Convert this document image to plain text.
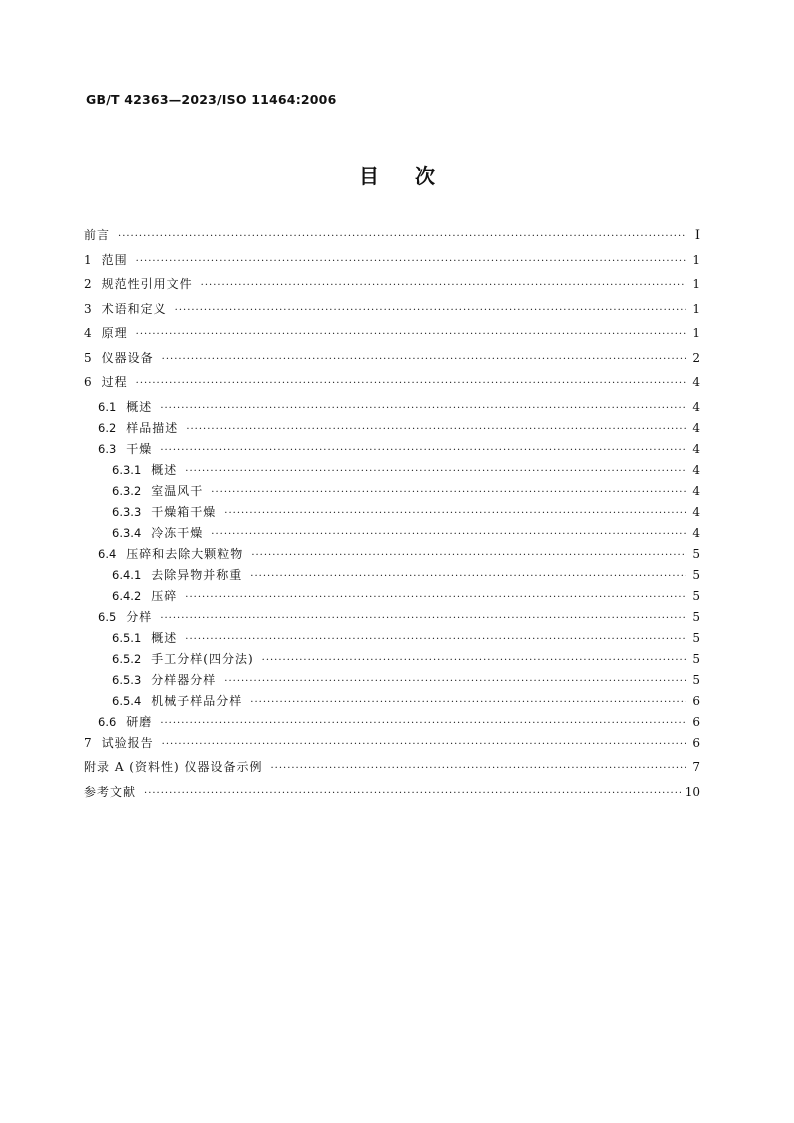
GB/T 42363—2023/ISO 11464:2006
目次
前言 ·····	I
1 范围 ·····	1
2 规范性引用文件 ·····	1
3 术语和定义 ·····	1
4 原理 ·····	1
5 仪器设备 ·····	2
6 过程 ·····	4
6.1 概述 ·····	4
6.2 样品描述 ·····	4
6.3 干燥 ·····	4
6.3.1 概述 ·····	4
6.3.2 室温风干 ·····	4
6.3.3 干燥箱干燥 ·····	4
6.3.4 冷冻干燥 ·····	4
6.4 压碎和去除大颗粒物 ·····	5
6.4.1 去除异物并称重 ·····	5
6.4.2 压碎 ·····	5
6.5 分样 ·····	5
6.5.1 概述 ·····	5
6.5.2 手工分样(四分法) ·····	5
6.5.3 分样器分样 ·····	5
6.5.4 机械子样品分样 ·····	6
6.6 研磨 ·····	6
7 试验报告 ·····	6
附录 A (资料性) 仪器设备示例 ·····	7
参考文献 ·····	10
